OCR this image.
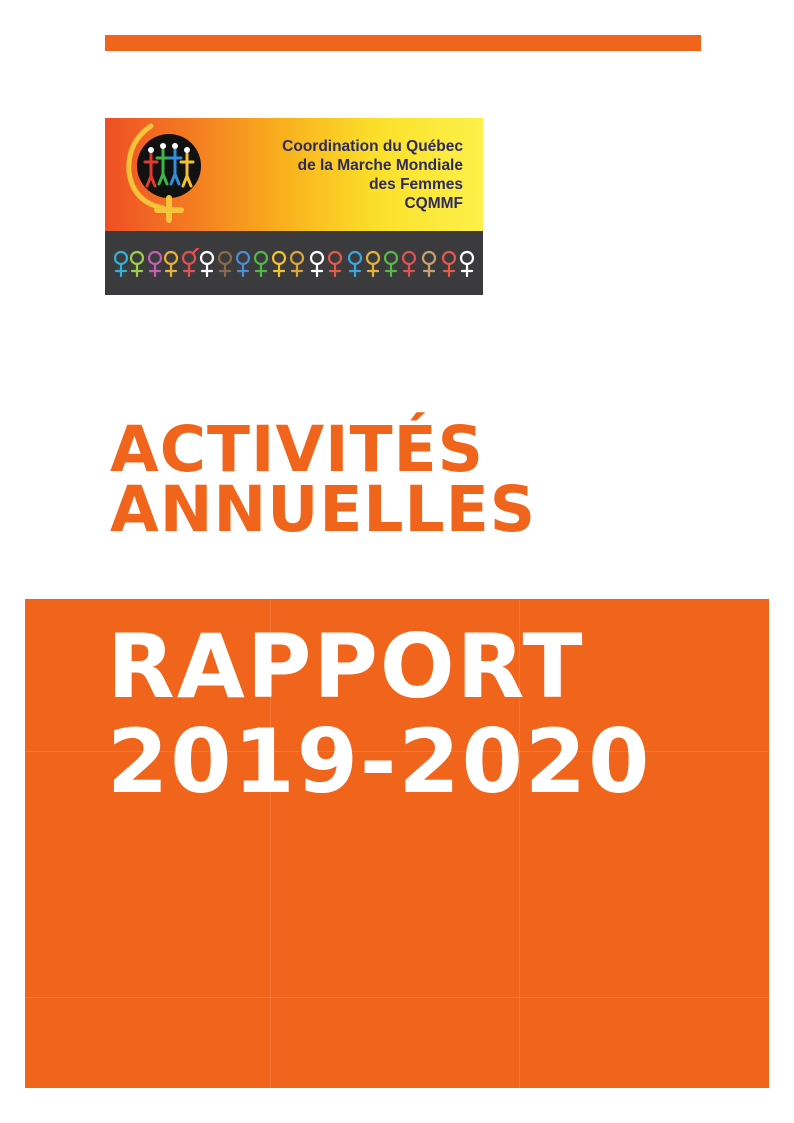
Coordination du Québec
de la Marche Mondiale
des Femmes
CQMMF
ACTIVITÉS
ANNUELLES
RAPPORT
2019-2020
